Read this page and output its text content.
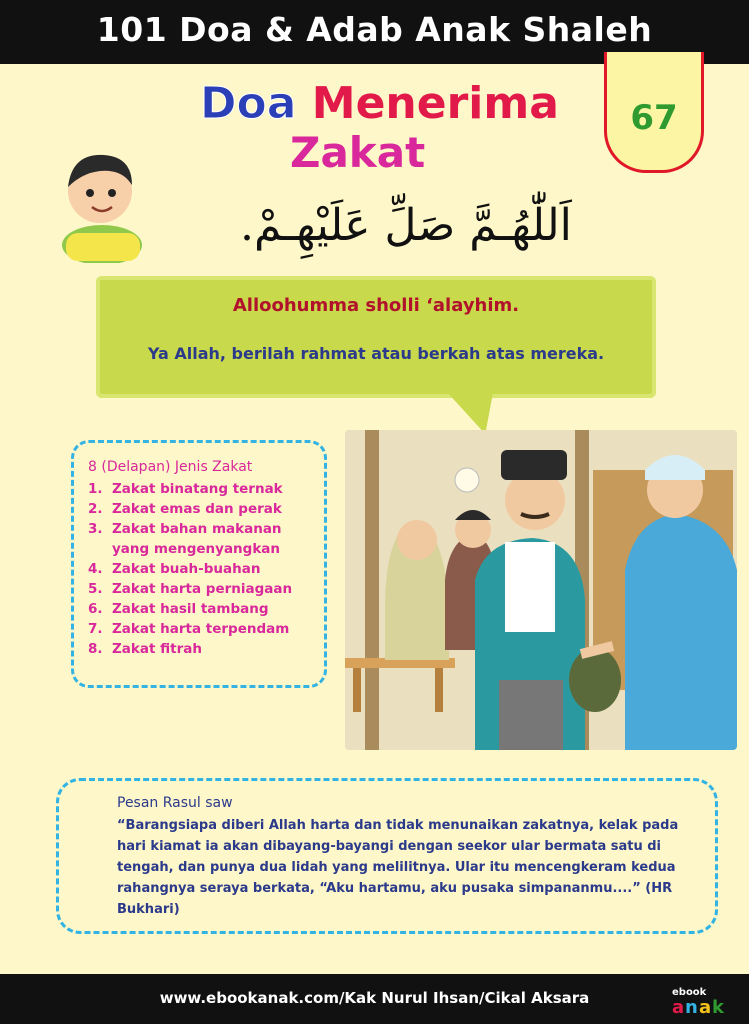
101 Doa & Adab Anak Shaleh
67
Doa Menerima
Zakat
اَللّٰهُـمَّ صَلِّ عَلَيْهِـمْ.
Alloohumma sholli ‘alayhim.
Ya Allah, berilah rahmat atau berkah atas mereka.
8 (Delapan) Jenis Zakat
1. Zakat binatang ternak
2. Zakat emas dan perak
3. Zakat bahan makanan yang mengenyangkan
4. Zakat buah-buahan
5. Zakat harta perniagaan
6. Zakat hasil tambang
7. Zakat harta terpendam
8. Zakat fitrah
Pesan Rasul saw
“Barangsiapa diberi Allah harta dan tidak menunaikan zakatnya, kelak pada hari kiamat ia akan dibayang-bayangi dengan seekor ular bermata satu di tengah, dan punya dua lidah yang melilitnya. Ular itu mencengkeram kedua rahangnya seraya berkata, “Aku hartamu, aku pusaka simpananmu....” (HR Bukhari)
www.ebookanak.com/Kak Nurul Ihsan/Cikal Aksara	ebook
a n a k
